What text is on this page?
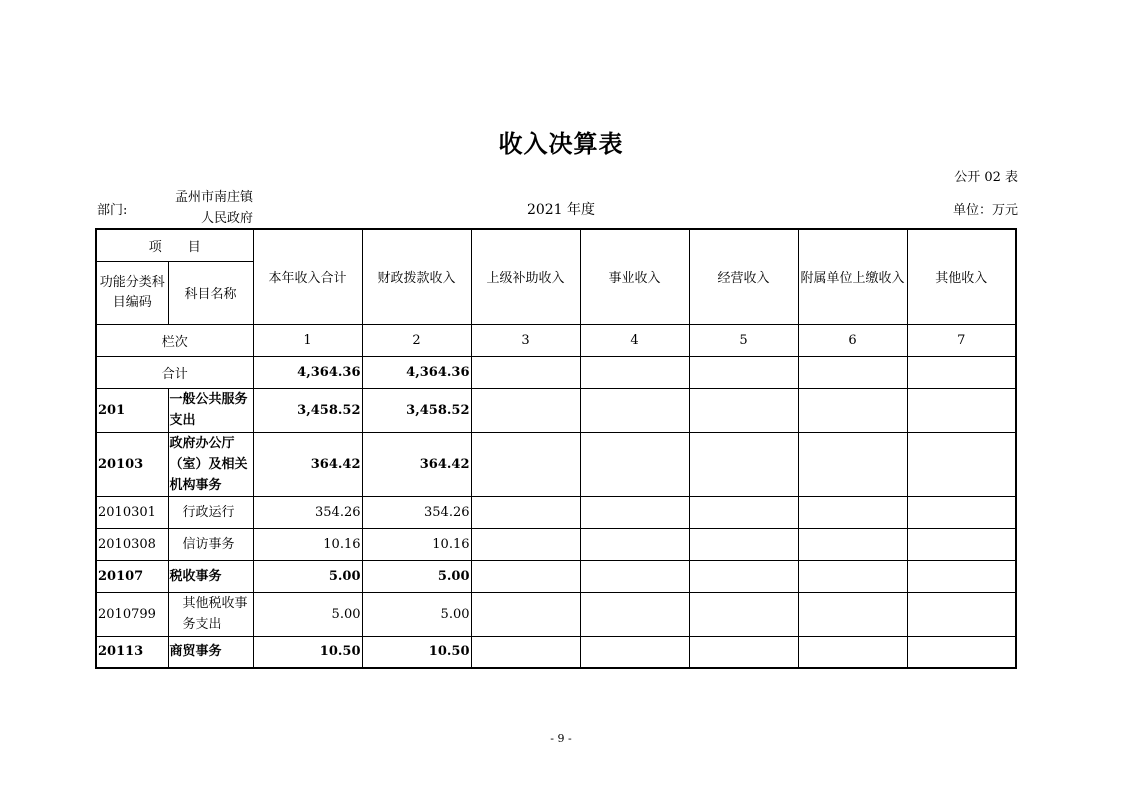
收入决算表
公开 02 表
部门:
孟州市南庄镇
人民政府
2021 年度	单位：万元
项　　目		本年收入合计	财政拨款收入	上级补助收入	事业收入	经营收入	附属单位上缴收入	其他收入
功能分类科目编码	科目名称							
栏次		1	2	3	4	5	6	7
合计		4,364.36	4,364.36					
201	一般公共服务支出	3,458.52	3,458.52					
20103	政府办公厅（室）及相关机构事务	364.42	364.42					
2010301	行政运行	354.26	354.26					
2010308	信访事务	10.16	10.16					
20107	税收事务	5.00	5.00					
2010799	其他税收事务支出	5.00	5.00					
20113	商贸事务	10.50	10.50					
- 9 -
